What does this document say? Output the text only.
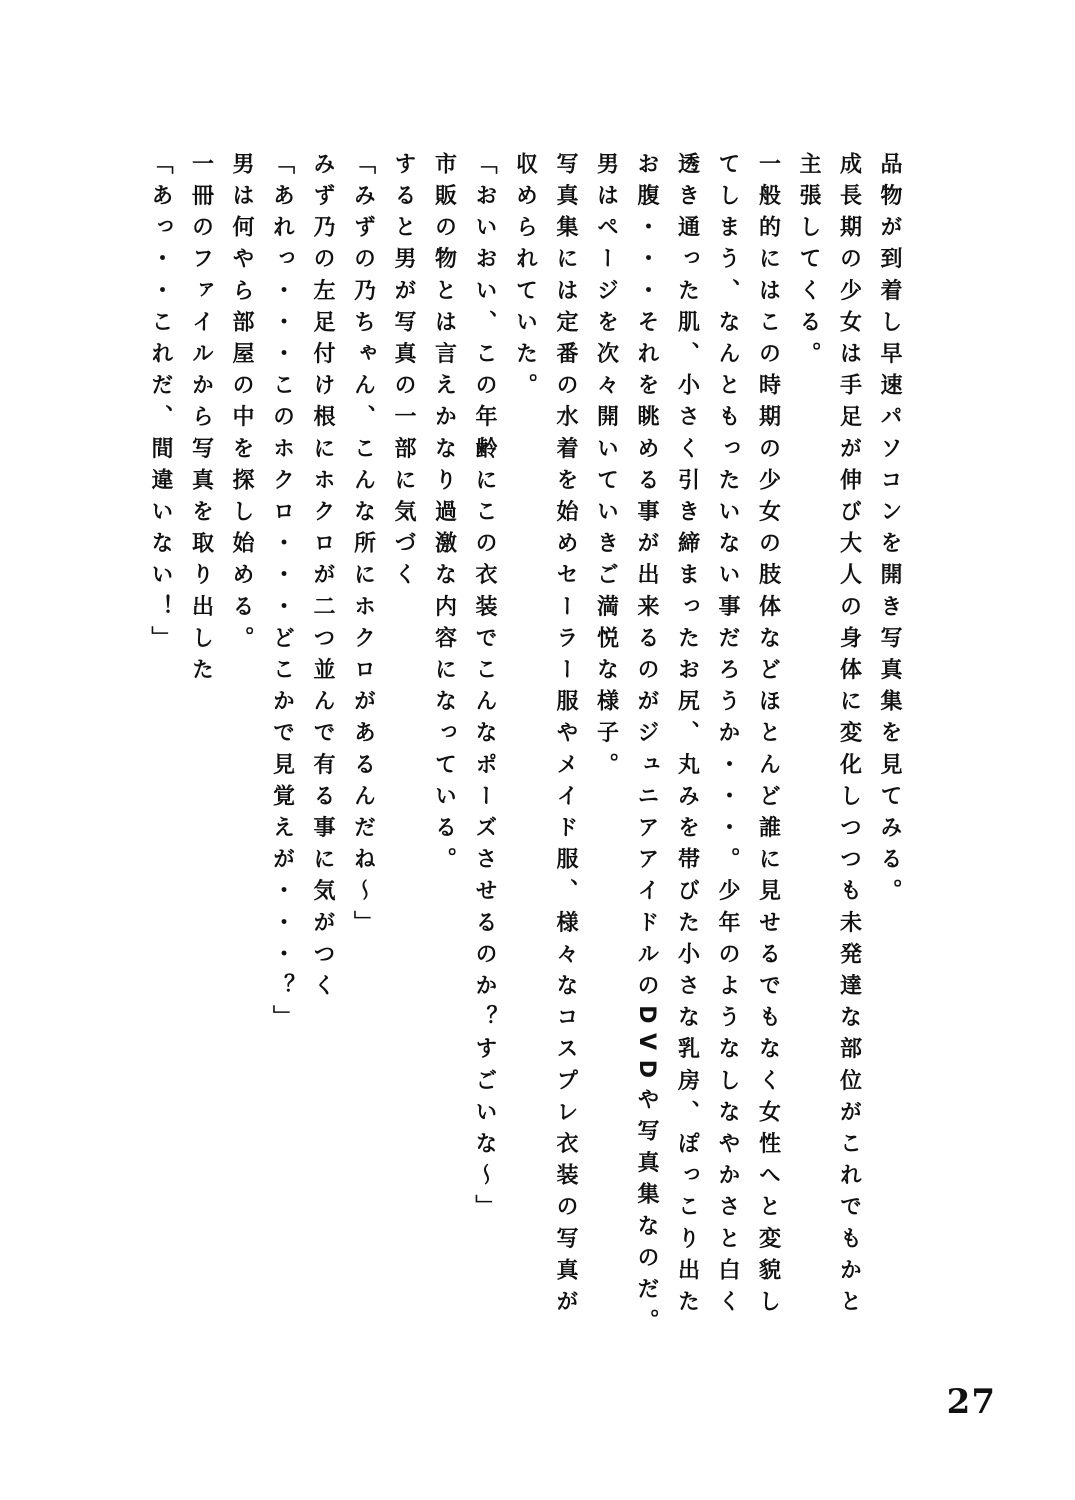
品物が到着し早速パソコンを開き写真集を見てみる。
成長期の少女は手足が伸び大人の身体に変化しつつも未発達な部位がこれでもかと
主張してくる。
一般的にはこの時期の少女の肢体などほとんど誰に見せるでもなく女性へと変貌し
てしまう、なんともったいない事だろうか・・・。少年のようなしなやかさと白く
透き通った肌、小さく引き締まったお尻、丸みを帯びた小さな乳房、ぽっこり出た
お腹・・・それを眺める事が出来るのがジュニアアイドルのDVDや写真集なのだ。
男はページを次々開いていきご満悦な様子。
写真集には定番の水着を始めセーラー服やメイド服、様々なコスプレ衣装の写真が
収められていた。
「おいおい、この年齢にこの衣装でこんなポーズさせるのか？すごいな〜」
市販の物とは言えかなり過激な内容になっている。
すると男が写真の一部に気づく
「みずの乃ちゃん、こんな所にホクロがあるんだね〜」
みず乃の左足付け根にホクロが二つ並んで有る事に気がつく
「あれっ・・・このホクロ・・・どこかで見覚えが・・・？」
男は何やら部屋の中を探し始める。
一冊のファイルから写真を取り出した
「あっ・・これだ、間違いない！」
27
